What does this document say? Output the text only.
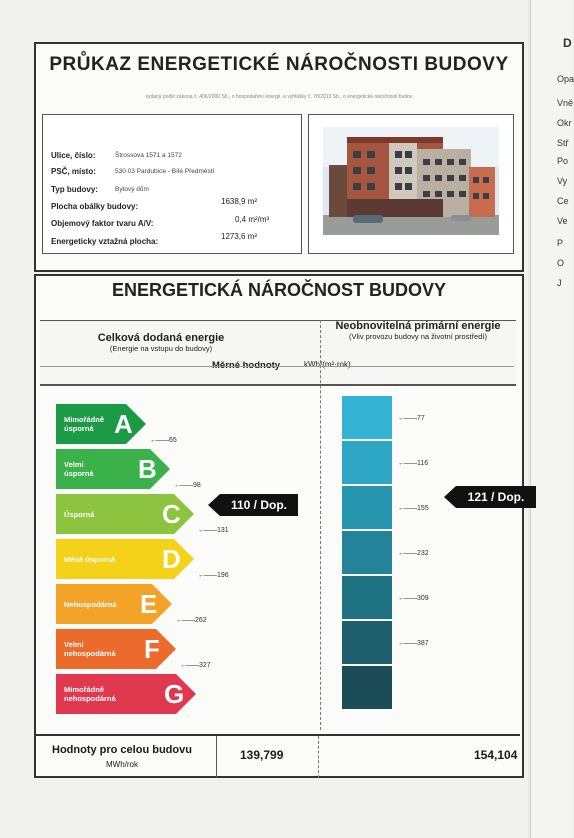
D
Opa
Vně
Okr
Stř
Po
Vy
Ce
Ve
P
O
J
PRŮKAZ ENERGETICKÉ NÁROČNOSTI BUDOVY
vydaný podle zákona č. 406/2000 Sb., o hospodaření energií, a vyhlášky č. 78/2013 Sb., o energetické náročnosti budov
Ulice, číslo:	Štrossova 1571 a 1572
PSČ, místo:	530 03 Pardubice - Bílé Předměstí
Typ budovy:	Bytový dům
Plocha obálky budovy:
1638,9 m²
Objemový faktor tvaru A/V:	0,4 m²/m³
Energeticky vztažná plocha:
1273,6 m²
ENERGETICKÁ NÁROČNOST BUDOVY
Celková dodaná energie
(Energie na vstupu do budovy)
Neobnovitelná primární energie
(Vliv provozu budovy na životní prostředí)
Měrné hodnoty	kWh/(m²·rok)
Mimořádně
úsporná A
←—— 65
Velmi
úsporná B
←—— 98
Úsporná	C
←—— 131
Méně úsporná D
←—— 196
Nehospodárná E
←—— 262
Velmi
nehospodárná F
←—— 327
Mimořádně
nehospodárná G
110 / Dop.
←—— 77
←—— 116
←—— 155
←—— 232
←—— 309
←—— 387
121 / Dop.
Hodnoty pro celou budovu
MWh/rok
139,799	154,104
